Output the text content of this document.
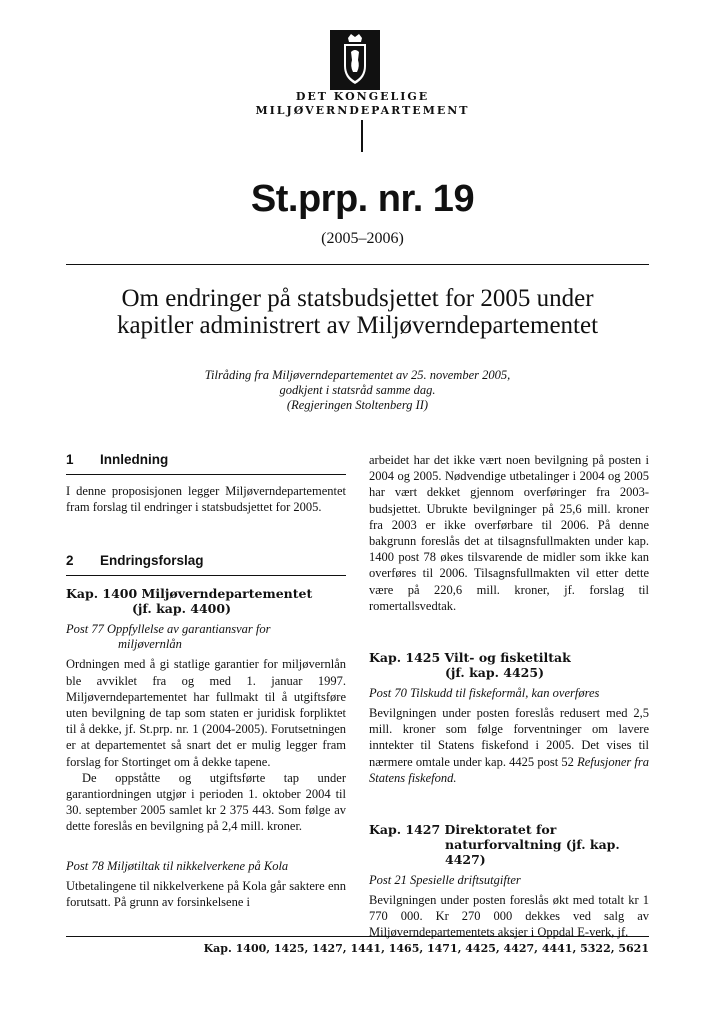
DET KONGELIGE
MILJØVERNDEPARTEMENT
St.prp. nr. 19
(2005–2006)
Om endringer på statsbudsjettet for 2005 under
kapitler administrert av Miljøverndepartementet
Tilråding fra Miljøverndepartementet av 25. november 2005,
godkjent i statsråd samme dag.
(Regjeringen Stoltenberg II)
1 Innledning

I denne proposisjonen legger Miljøverndepartementet fram forslag til endringer i statsbudsjettet for 2005.

2 Endringsforslag
Kap. 1400 Miljøverndepartementet
(jf. kap. 4400)
Post 77 Oppfyllelse av garantiansvar for
miljøvernlån

Ordningen med å gi statlige garantier for miljøvernlån ble avviklet fra og med 1. januar 1997. Miljøverndepartementet har fullmakt til å utgiftsføre uten bevilgning de tap som staten er juridisk forpliktet til å dekke, jf. St.prp. nr. 1 (2004-2005). Forutsetningen er at departementet så snart det er mulig legger fram forslag for Stortinget om å dekke tapene.

De oppståtte og utgiftsførte tap under garantiordningen utgjør i perioden 1. oktober 2004 til 30. september 2005 samlet kr 2 375 443. Som følge av dette foreslås en bevilgning på 2,4 mill. kroner.

Post 78 Miljøtiltak til nikkelverkene på Kola

Utbetalingene til nikkelverkene på Kola går saktere enn forutsatt. På grunn av forsinkelsene i

arbeidet har det ikke vært noen bevilgning på posten i 2004 og 2005. Nødvendige utbetalinger i 2004 og 2005 har vært dekket gjennom overføringer fra 2003-budsjettet. Ubrukte bevilgninger på 25,6 mill. kroner fra 2003 er ikke overførbare til 2006. På denne bakgrunn foreslås det at tilsagnsfullmakten under kap. 1400 post 78 økes tilsvarende de midler som ikke kan overføres til 2006. Tilsagnsfullmakten vil etter dette være på 220,6 mill. kroner, jf. forslag til romertallsvedtak.

Kap. 1425 Vilt- og fisketiltak
(jf. kap. 4425)
Post 70 Tilskudd til fiskeformål, kan overføres

Bevilgningen under posten foreslås redusert med 2,5 mill. kroner som følge forventninger om lavere inntekter til Statens fiskefond i 2005. Det vises til nærmere omtale under kap. 4425 post 52 Refusjoner fra Statens fiskefond.

Kap. 1427 Direktoratet for
naturforvaltning (jf. kap. 4427)
Post 21 Spesielle driftsutgifter

Bevilgningen under posten foreslås økt med totalt kr 1 770 000. Kr 270 000 dekkes ved salg av Miljøverndepartementets aksjer i Oppdal E-verk, jf.

Kap. 1400, 1425, 1427, 1441, 1465, 1471, 4425, 4427, 4441, 5322, 5621
